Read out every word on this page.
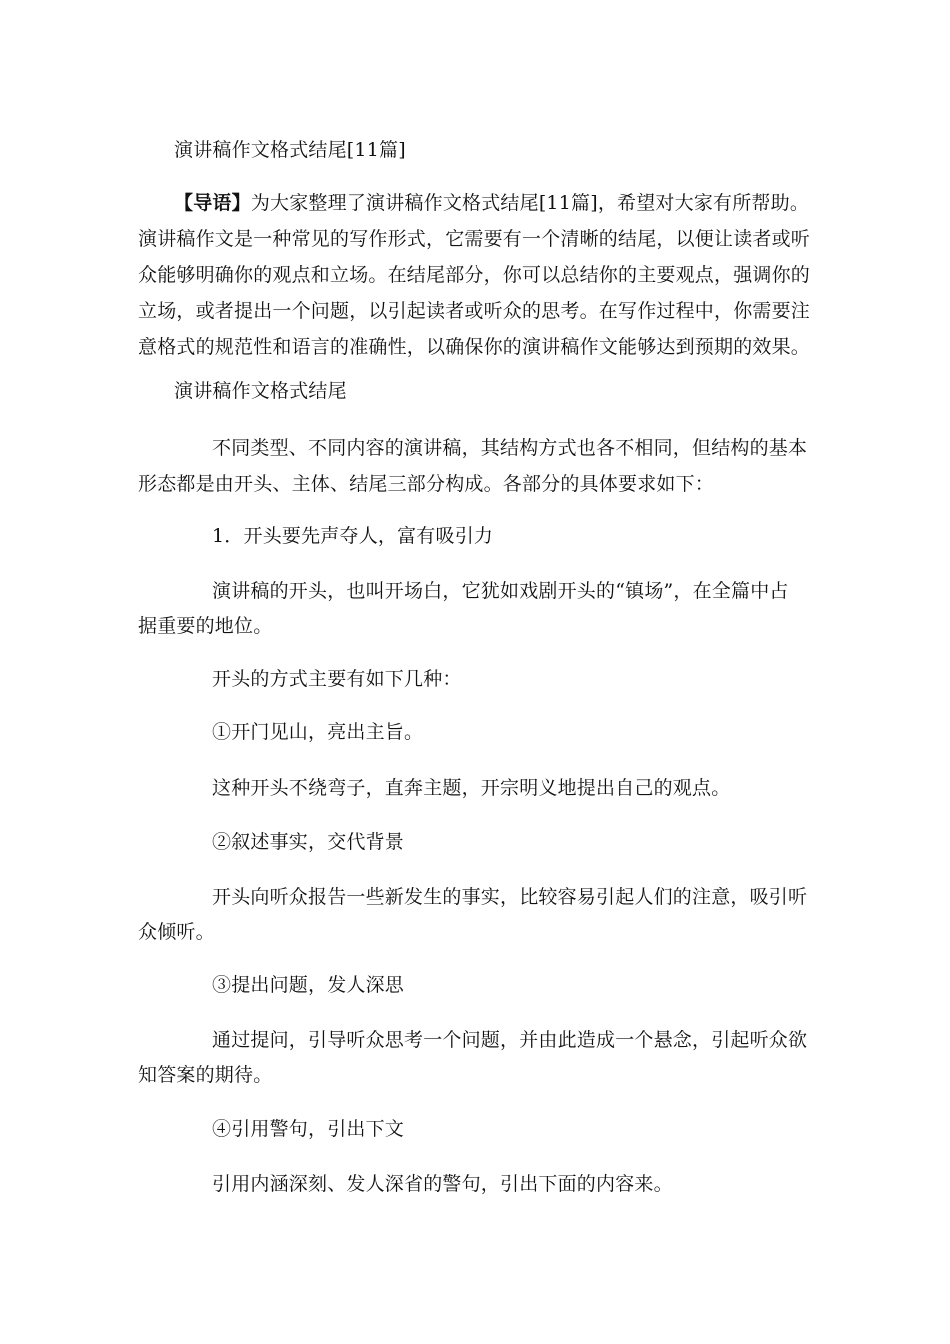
演讲稿作文格式结尾[11篇]

【导语】为大家整理了演讲稿作文格式结尾[11篇]，希望对大家有所帮助。

演讲稿作文是一种常见的写作形式，它需要有一个清晰的结尾，以便让读者或听

众能够明确你的观点和立场。在结尾部分，你可以总结你的主要观点，强调你的

立场，或者提出一个问题，以引起读者或听众的思考。在写作过程中，你需要注

意格式的规范性和语言的准确性，以确保你的演讲稿作文能够达到预期的效果。

演讲稿作文格式结尾

不同类型、不同内容的演讲稿，其结构方式也各不相同，但结构的基本

形态都是由开头、主体、结尾三部分构成。各部分的具体要求如下：

1．开头要先声夺人，富有吸引力

演讲稿的开头，也叫开场白，它犹如戏剧开头的“镇场”，在全篇中占

据重要的地位。

开头的方式主要有如下几种：

①开门见山，亮出主旨。

这种开头不绕弯子，直奔主题，开宗明义地提出自己的观点。

②叙述事实，交代背景

开头向听众报告一些新发生的事实，比较容易引起人们的注意，吸引听

众倾听。

③提出问题，发人深思

通过提问，引导听众思考一个问题，并由此造成一个悬念，引起听众欲

知答案的期待。

④引用警句，引出下文

引用内涵深刻、发人深省的警句，引出下面的内容来。
